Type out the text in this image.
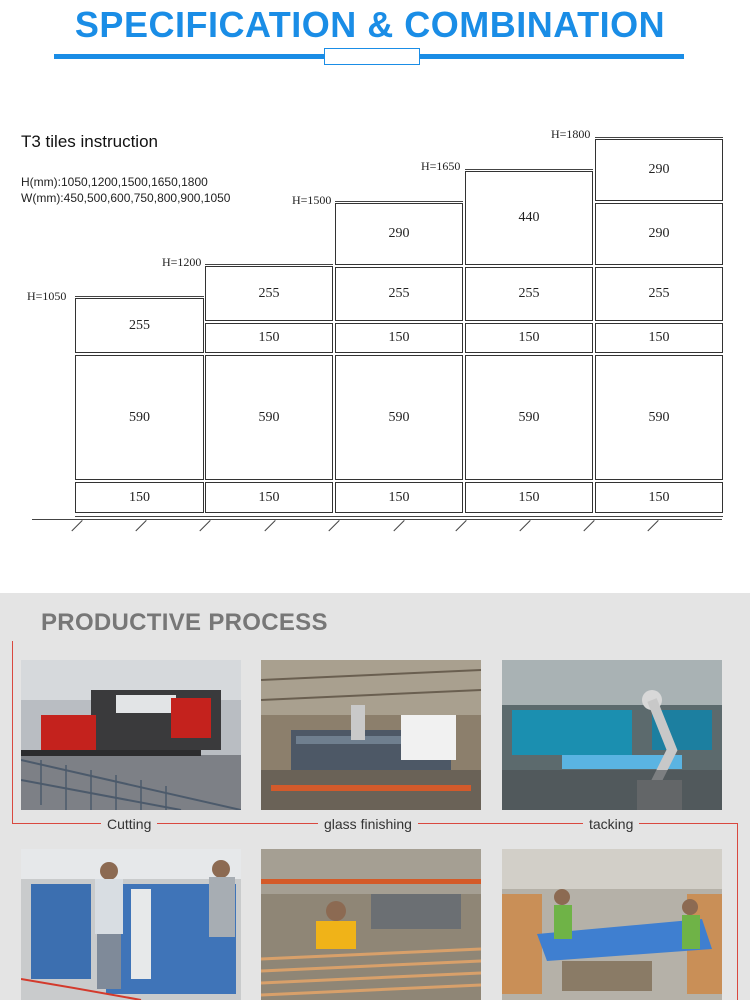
SPECIFICATION & COMBINATION
T3 tiles instruction
H(mm):1050,1200,1500,1650,1800
W(mm):450,500,600,750,800,900,1050
H=1050
255
590
150
H=1200
255
150
590
150
H=1500
290
255
150
590
150
H=1650
440
255
150
590
150
H=1800
290
290
255
150
590
150
PRODUCTIVE PROCESS
Cutting	glass finishing	tacking
